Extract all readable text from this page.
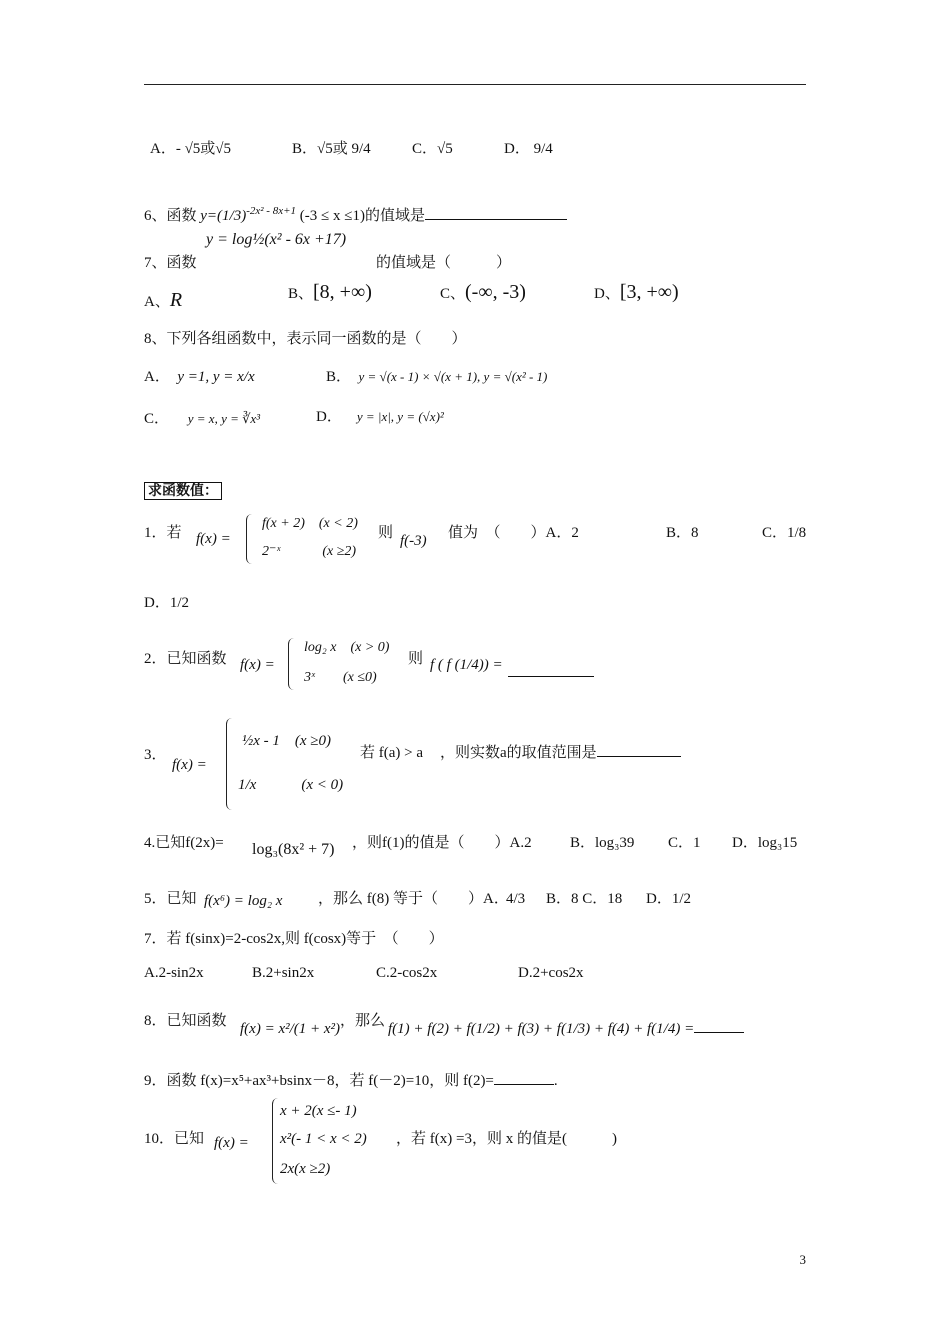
A．- √5或√5	B．√5或 9/4	C．√5	D． 9/4
6、函数 $y=(1/3)^{-2x^2 - 8x+1}$ (-3 ≤ x ≤1)的值域是
y = log½(x² - 6x +17)
7、函数	的值域是（　　　）
A、R	B、[8, +∞)	C、(-∞, -3)	D、[3, +∞)
8、下列各组函数中，表示同一函数的是（　　）
A． y =1, y = x/x	B． y = √(x - 1) × √(x + 1), y = √(x² - 1)
C． y = x, y = ∛x³	D． y = |x|, y = (√x)²
求函数值：
1．若 f(x) =
f(x + 2)　(x < 2)
2⁻ˣ　　　(x ≥2)
则 f(-3) 值为　（　　）A．2	B．8	C．1/8
D．1/2
2．已知函数 f(x) =
log₂ x　(x > 0)
3ˣ　　(x ≤0)
则 f ( f (1/4)) =
3．
f(x) =
½x - 1　(x ≥0)
1/x　　　(x < 0)
若 f(a) > a ，则实数a的取值范围是
4.已知f(2x)= log₃(8x² + 7) ，则f(1)的值是（　　）A.2	B．log₃39 C．1 D．log₃15
5．已知 f(x⁶) = log₂ x ，那么 f(8) 等于（　　）A．
4/3 B．8 C．18 D．1/2
7．若 f(sinx)=2-cos2x,则 f(cosx)等于　（　　）
A.2-sin2x	B.2+sin2x	C.2-cos2x	D.2+cos2x
8．已知函数 f(x) = x²/(1 + x²) ，那么 f(1) + f(2) + f(1/2) + f(3) + f(1/3) + f(4) + f(1/4) =
9．函数 f(x)=x⁵+ax³+bsinx－8，若 f(－2)=10，则 f(2)=	.
10．已知 f(x) =
x + 2(x ≤- 1)
x²(- 1 < x < 2)
2x(x ≥2)
，若 f(x) =3，则 x 的值是(　　　)
3
